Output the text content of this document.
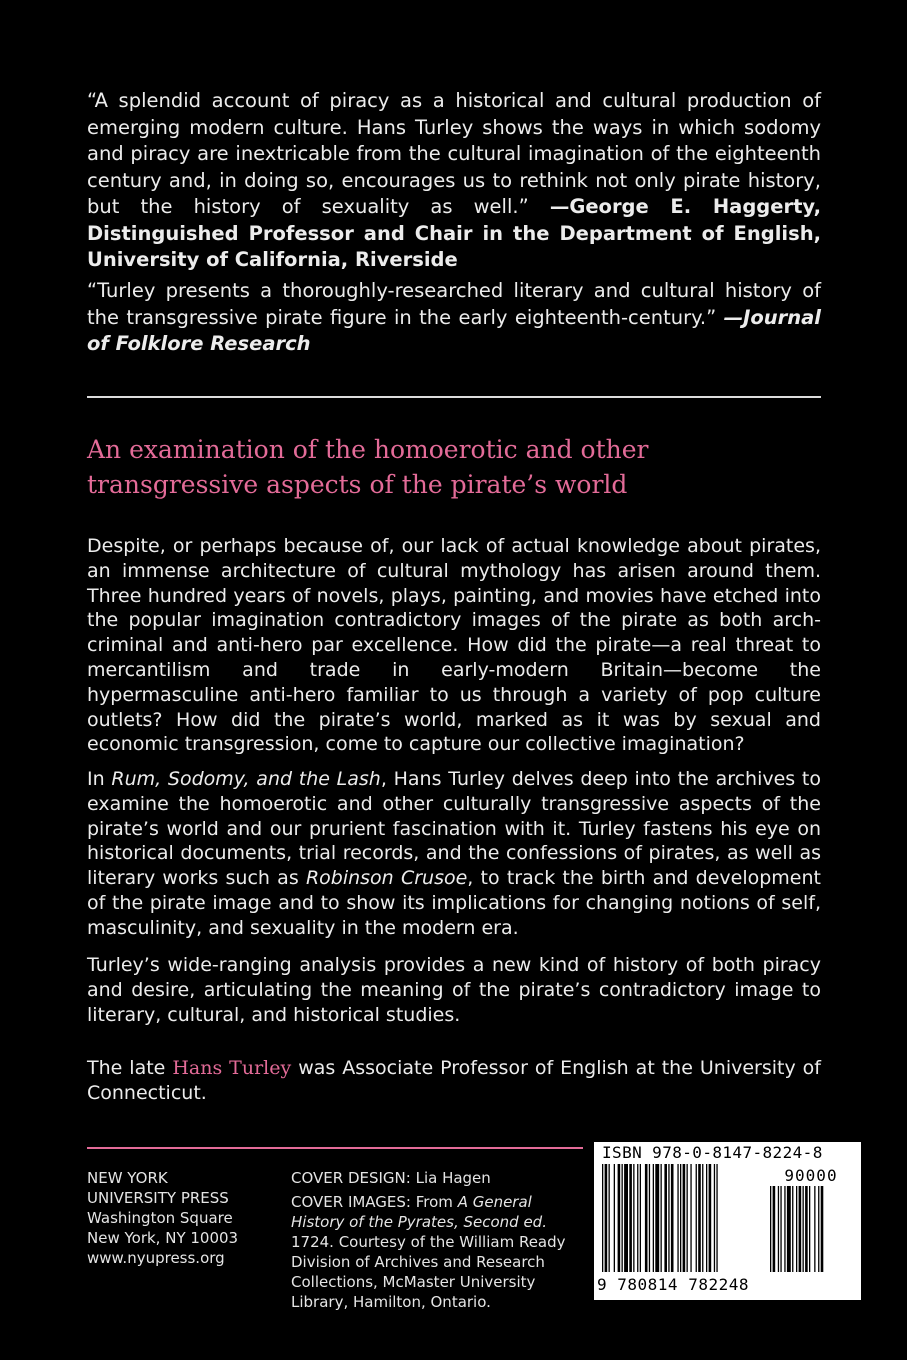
“A splendid account of piracy as a historical and cultural production of emerging modern culture. Hans Turley shows the ways in which sodomy and piracy are inextricable from the cultural imagination of the eighteenth century and, in doing so, encourages us to rethink not only pirate history, but the history of sexuality as well.” —George E. Haggerty, Distinguished Professor and Chair in the Department of English, University of California, Riverside
“Turley presents a thoroughly-researched literary and cultural history of the transgressive pirate figure in the early eighteenth-century.” —Journal of Folklore Research
An examination of the homoerotic and other transgressive aspects of the pirate’s world
Despite, or perhaps because of, our lack of actual knowledge about pirates, an immense architecture of cultural mythology has arisen around them. Three hundred years of novels, plays, painting, and movies have etched into the popular imagination contradictory images of the pirate as both arch-criminal and anti-hero par excellence. How did the pirate—a real threat to mercantilism and trade in early-modern Britain—become the hypermasculine anti-hero familiar to us through a variety of pop culture outlets? How did the pirate’s world, marked as it was by sexual and economic transgression, come to capture our collective imagination?
In Rum, Sodomy, and the Lash, Hans Turley delves deep into the archives to examine the homoerotic and other culturally transgressive aspects of the pirate’s world and our prurient fascination with it. Turley fastens his eye on historical documents, trial records, and the confessions of pirates, as well as literary works such as Robinson Crusoe, to track the birth and development of the pirate image and to show its implications for changing notions of self, masculinity, and sexuality in the modern era.
Turley’s wide-ranging analysis provides a new kind of history of both piracy and desire, articulating the meaning of the pirate’s contradictory image to literary, cultural, and historical studies.
The late Hans Turley was Associate Professor of English at the University of Connecticut.
NEW YORK
UNIVERSITY PRESS
Washington Square
New York, NY 10003
www.nyupress.org

COVER DESIGN: Lia Hagen

COVER IMAGES: From A General History of the Pyrates, Second ed. 1724. Courtesy of the William Ready Division of Archives and Research Collections, McMaster University Library, Hamilton, Ontario.

ISBN 978-0-8147-8224-8
90000
9 780814 782248
